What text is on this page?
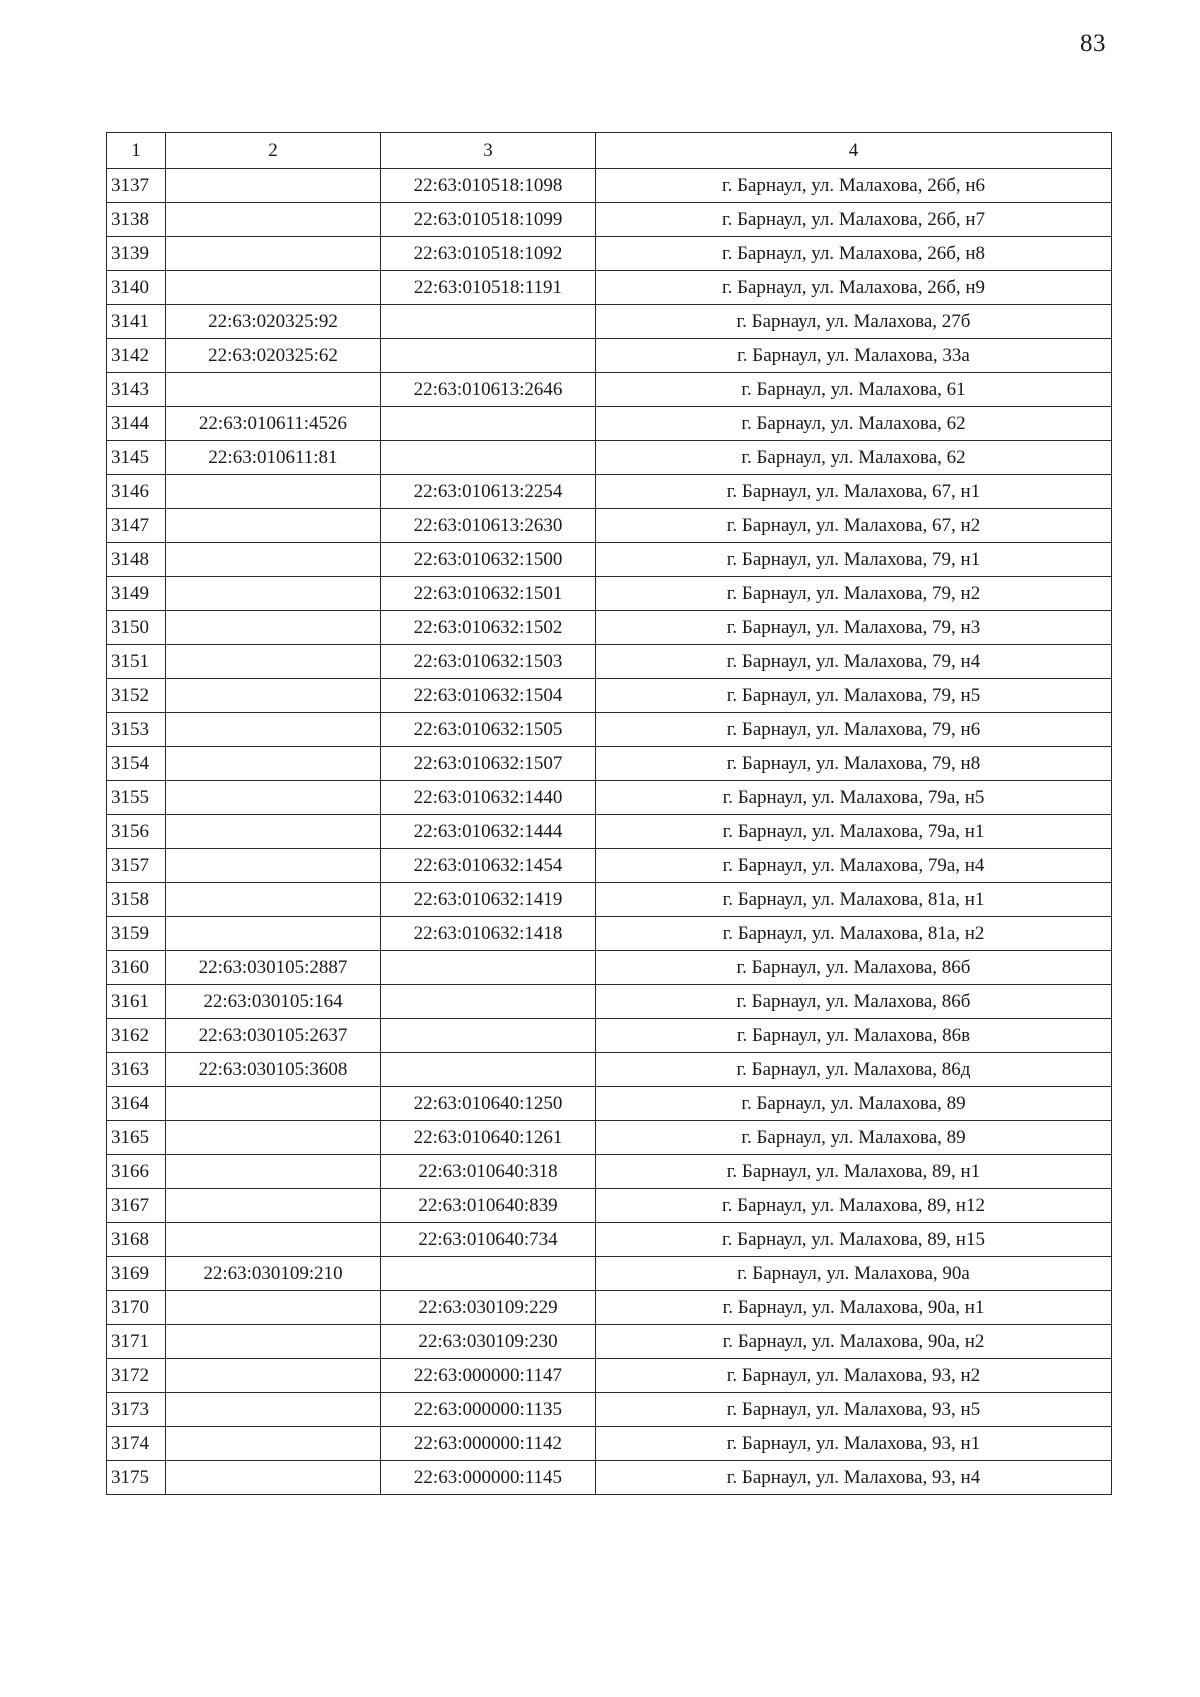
83
1	2	3	4
3137		22:63:010518:1098	г. Барнаул, ул. Малахова, 26б, н6
3138		22:63:010518:1099	г. Барнаул, ул. Малахова, 26б, н7
3139		22:63:010518:1092	г. Барнаул, ул. Малахова, 26б, н8
3140		22:63:010518:1191	г. Барнаул, ул. Малахова, 26б, н9
3141	22:63:020325:92		г. Барнаул, ул. Малахова, 27б
3142	22:63:020325:62		г. Барнаул, ул. Малахова, 33а
3143		22:63:010613:2646	г. Барнаул, ул. Малахова, 61
3144	22:63:010611:4526		г. Барнаул, ул. Малахова, 62
3145	22:63:010611:81		г. Барнаул, ул. Малахова, 62
3146		22:63:010613:2254	г. Барнаул, ул. Малахова, 67, н1
3147		22:63:010613:2630	г. Барнаул, ул. Малахова, 67, н2
3148		22:63:010632:1500	г. Барнаул, ул. Малахова, 79, н1
3149		22:63:010632:1501	г. Барнаул, ул. Малахова, 79, н2
3150		22:63:010632:1502	г. Барнаул, ул. Малахова, 79, н3
3151		22:63:010632:1503	г. Барнаул, ул. Малахова, 79, н4
3152		22:63:010632:1504	г. Барнаул, ул. Малахова, 79, н5
3153		22:63:010632:1505	г. Барнаул, ул. Малахова, 79, н6
3154		22:63:010632:1507	г. Барнаул, ул. Малахова, 79, н8
3155		22:63:010632:1440	г. Барнаул, ул. Малахова, 79а, н5
3156		22:63:010632:1444	г. Барнаул, ул. Малахова, 79а, н1
3157		22:63:010632:1454	г. Барнаул, ул. Малахова, 79а, н4
3158		22:63:010632:1419	г. Барнаул, ул. Малахова, 81а, н1
3159		22:63:010632:1418	г. Барнаул, ул. Малахова, 81а, н2
3160	22:63:030105:2887		г. Барнаул, ул. Малахова, 86б
3161	22:63:030105:164		г. Барнаул, ул. Малахова, 86б
3162	22:63:030105:2637		г. Барнаул, ул. Малахова, 86в
3163	22:63:030105:3608		г. Барнаул, ул. Малахова, 86д
3164		22:63:010640:1250	г. Барнаул, ул. Малахова, 89
3165		22:63:010640:1261	г. Барнаул, ул. Малахова, 89
3166		22:63:010640:318	г. Барнаул, ул. Малахова, 89, н1
3167		22:63:010640:839	г. Барнаул, ул. Малахова, 89, н12
3168		22:63:010640:734	г. Барнаул, ул. Малахова, 89, н15
3169	22:63:030109:210		г. Барнаул, ул. Малахова, 90а
3170		22:63:030109:229	г. Барнаул, ул. Малахова, 90а, н1
3171		22:63:030109:230	г. Барнаул, ул. Малахова, 90а, н2
3172		22:63:000000:1147	г. Барнаул, ул. Малахова, 93, н2
3173		22:63:000000:1135	г. Барнаул, ул. Малахова, 93, н5
3174		22:63:000000:1142	г. Барнаул, ул. Малахова, 93, н1
3175		22:63:000000:1145	г. Барнаул, ул. Малахова, 93, н4
